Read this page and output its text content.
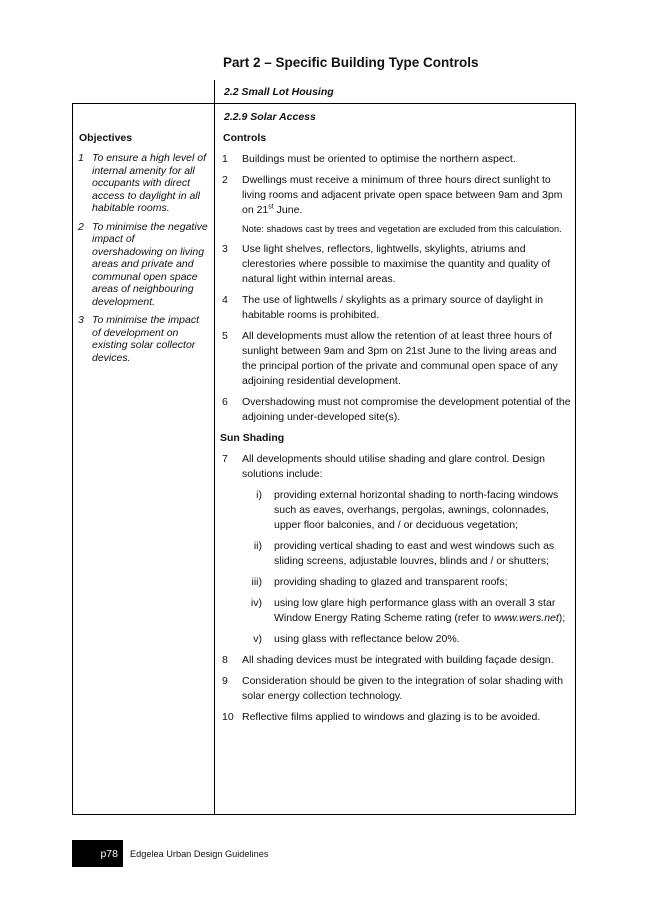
Part 2 – Specific Building Type Controls
2.2 Small Lot Housing
2.2.9 Solar Access
Objectives	Controls
1 To ensure a high level of internal amenity for all occupants with direct access to daylight in all habitable rooms.
2 To minimise the negative impact of overshadowing on living areas and private and communal open space areas of neighbouring development.
3 To minimise the impact of development on existing solar collector devices.
1	Buildings must be oriented to optimise the northern aspect.
2	Dwellings must receive a minimum of three hours direct sunlight to living rooms and adjacent private open space between 9am and 3pm on 21st June.
Note: shadows cast by trees and vegetation are excluded from this calculation.
3	Use light shelves, reflectors, lightwells, skylights, atriums and clerestories where possible to maximise the quantity and quality of natural light within internal areas.
4	The use of lightwells / skylights as a primary source of daylight in habitable rooms is prohibited.
5	All developments must allow the retention of at least three hours of sunlight between 9am and 3pm on 21st June to the living areas and the principal portion of the private and communal open space of any adjoining residential development.
6	Overshadowing must not compromise the development potential of the adjoining under-developed site(s).
Sun Shading
7	All developments should utilise shading and glare control. Design solutions include:
i)	providing external horizontal shading to north-facing windows such as eaves, overhangs, pergolas, awnings, colonnades, upper floor balconies, and / or deciduous vegetation;
ii)	providing vertical shading to east and west windows such as sliding screens, adjustable louvres, blinds and / or shutters;
iii)	providing shading to glazed and transparent roofs;
iv)	using low glare high performance glass with an overall 3 star Window Energy Rating Scheme rating (refer to www.wers.net);
v)	using glass with reflectance below 20%.
8	All shading devices must be integrated with building façade design.
9	Consideration should be given to the integration of solar shading with solar energy collection technology.
10 Reflective films applied to windows and glazing is to be avoided.
p78 Edgelea Urban Design Guidelines
